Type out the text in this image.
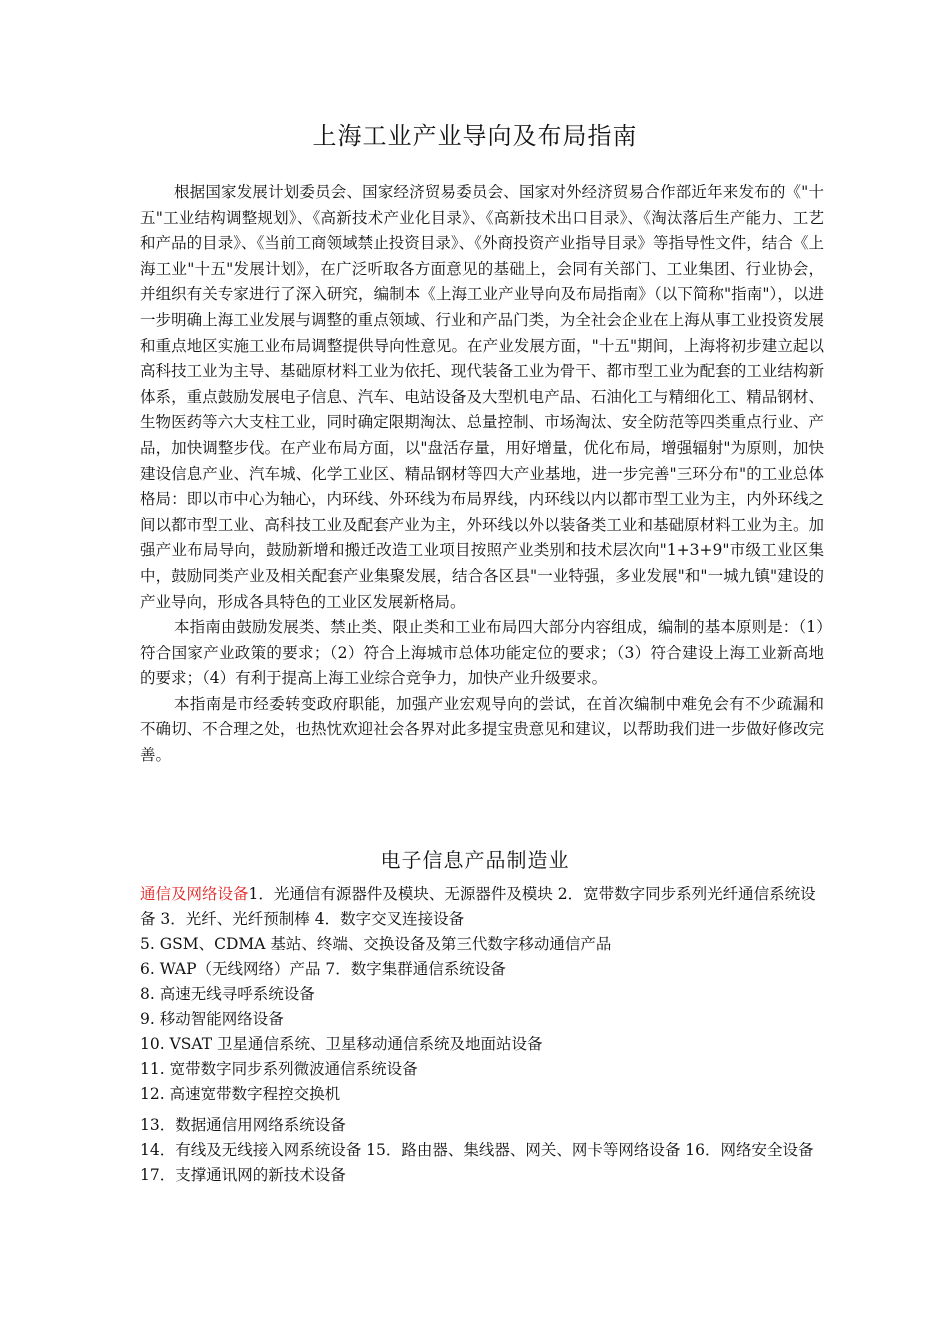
上海工业产业导向及布局指南

根据国家发展计划委员会、国家经济贸易委员会、国家对外经济贸易合作部近年来发布的《"十五"工业结构调整规划》、《高新技术产业化目录》、《高新技术出口目录》、《淘汰落后生产能力、工艺和产品的目录》、《当前工商领域禁止投资目录》、《外商投资产业指导目录》等指导性文件，结合《上海工业"十五"发展计划》，在广泛听取各方面意见的基础上，会同有关部门、工业集团、行业协会，并组织有关专家进行了深入研究，编制本《上海工业产业导向及布局指南》（以下简称"指南"），以进一步明确上海工业发展与调整的重点领域、行业和产品门类，为全社会企业在上海从事工业投资发展和重点地区实施工业布局调整提供导向性意见。在产业发展方面，"十五"期间，上海将初步建立起以高科技工业为主导、基础原材料工业为依托、现代装备工业为骨干、都市型工业为配套的工业结构新体系，重点鼓励发展电子信息、汽车、电站设备及大型机电产品、石油化工与精细化工、精品钢材、生物医药等六大支柱工业，同时确定限期淘汰、总量控制、市场淘汰、安全防范等四类重点行业、产品，加快调整步伐。在产业布局方面，以"盘活存量，用好增量，优化布局，增强辐射"为原则，加快建设信息产业、汽车城、化学工业区、精品钢材等四大产业基地，进一步完善"三环分布"的工业总体格局：即以市中心为轴心，内环线、外环线为布局界线，内环线以内以都市型工业为主，内外环线之间以都市型工业、高科技工业及配套产业为主，外环线以外以装备类工业和基础原材料工业为主。加强产业布局导向，鼓励新增和搬迁改造工业项目按照产业类别和技术层次向"1+3+9"市级工业区集中，鼓励同类产业及相关配套产业集聚发展，结合各区县"一业特强，多业发展"和"一城九镇"建设的产业导向，形成各具特色的工业区发展新格局。

本指南由鼓励发展类、禁止类、限止类和工业布局四大部分内容组成，编制的基本原则是：（1）符合国家产业政策的要求；（2）符合上海城市总体功能定位的要求；（3）符合建设上海工业新高地的要求；（4）有利于提高上海工业综合竞争力，加快产业升级要求。

本指南是市经委转变政府职能，加强产业宏观导向的尝试，在首次编制中难免会有不少疏漏和不确切、不合理之处，也热忱欢迎社会各界对此多提宝贵意见和建议，以帮助我们进一步做好修改完善。

电子信息产品制造业

通信及网络设备1．光通信有源器件及模块、无源器件及模块 2．宽带数字同步系列光纤通信系统设备 3．光纤、光纤预制棒 4．数字交叉连接设备

5. GSM、CDMA 基站、终端、交换设备及第三代数字移动通信产品

6. WAP（无线网络）产品 7．数字集群通信系统设备

8. 高速无线寻呼系统设备

9. 移动智能网络设备

10. VSAT 卫星通信系统、卫星移动通信系统及地面站设备

11. 宽带数字同步系列微波通信系统设备

12. 高速宽带数字程控交换机

13．数据通信用网络系统设备

14．有线及无线接入网系统设备 15．路由器、集线器、网关、网卡等网络设备 16．网络安全设备

17．支撑通讯网的新技术设备
